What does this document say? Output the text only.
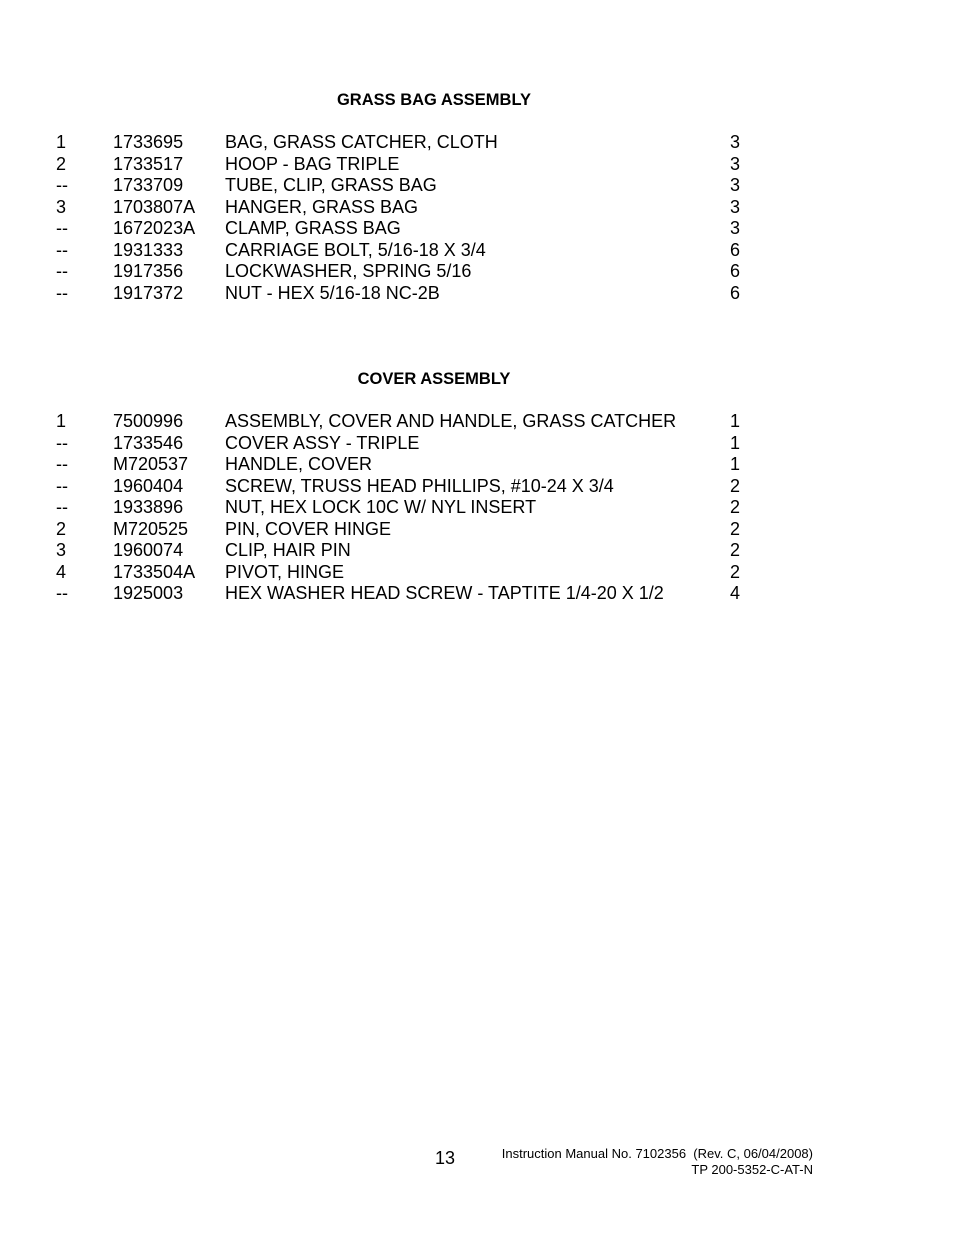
GRASS BAG ASSEMBLY
1	1733695 BAG, GRASS CATCHER, CLOTH	3
2	1733517 HOOP - BAG TRIPLE	3
--	1733709 TUBE, CLIP, GRASS BAG	3
3	1703807A HANGER, GRASS BAG	3
--	1672023A CLAMP, GRASS BAG	3
--	1931333 CARRIAGE BOLT, 5/16-18 X 3/4	6
--	1917356 LOCKWASHER, SPRING 5/16	6
--	1917372 NUT - HEX 5/16-18 NC-2B	6
COVER ASSEMBLY
1	7500996 ASSEMBLY, COVER AND HANDLE, GRASS CATCHER	1
--	1733546 COVER ASSY - TRIPLE	1
--	M720537 HANDLE, COVER	1
--	1960404 SCREW, TRUSS HEAD PHILLIPS, #10-24 X 3/4	2
--	1933896 NUT, HEX LOCK 10C W/ NYL INSERT	2
2	M720525 PIN, COVER HINGE	2
3	1960074 CLIP, HAIR PIN	2
4	1733504A PIVOT, HINGE	2
--	1925003 HEX WASHER HEAD SCREW - TAPTITE 1/4-20 X 1/2	4
13	Instruction Manual No. 7102356  (Rev. C, 06/04/2008)
TP 200-5352-C-AT-N
